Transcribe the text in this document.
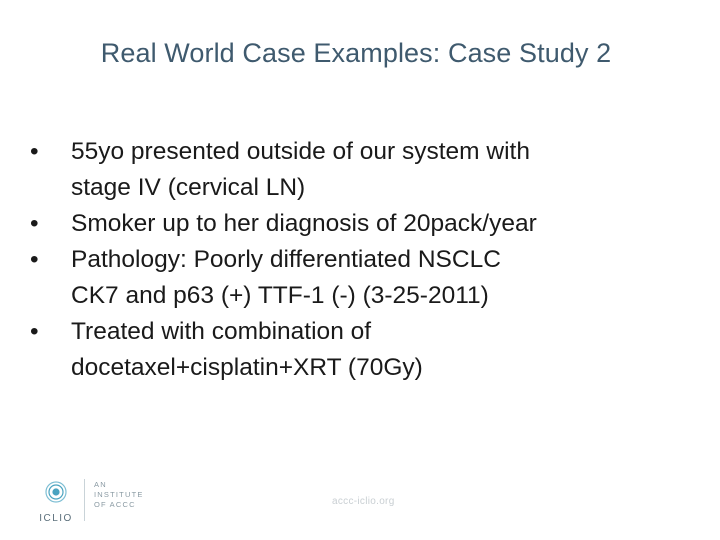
Real World Case Examples: Case Study 2
• 55yo presented outside of our system with
stage IV (cervical LN)
• Smoker up to her diagnosis of 20pack/year
• Pathology: Poorly differentiated NSCLC
CK7 and p63 (+) TTF-1 (-) (3-25-2011)
• Treated with combination of
docetaxel+cisplatin+XRT (70Gy)
ICLIO
AN
INSTITUTE
OF ACCC	accc-iclio.org
